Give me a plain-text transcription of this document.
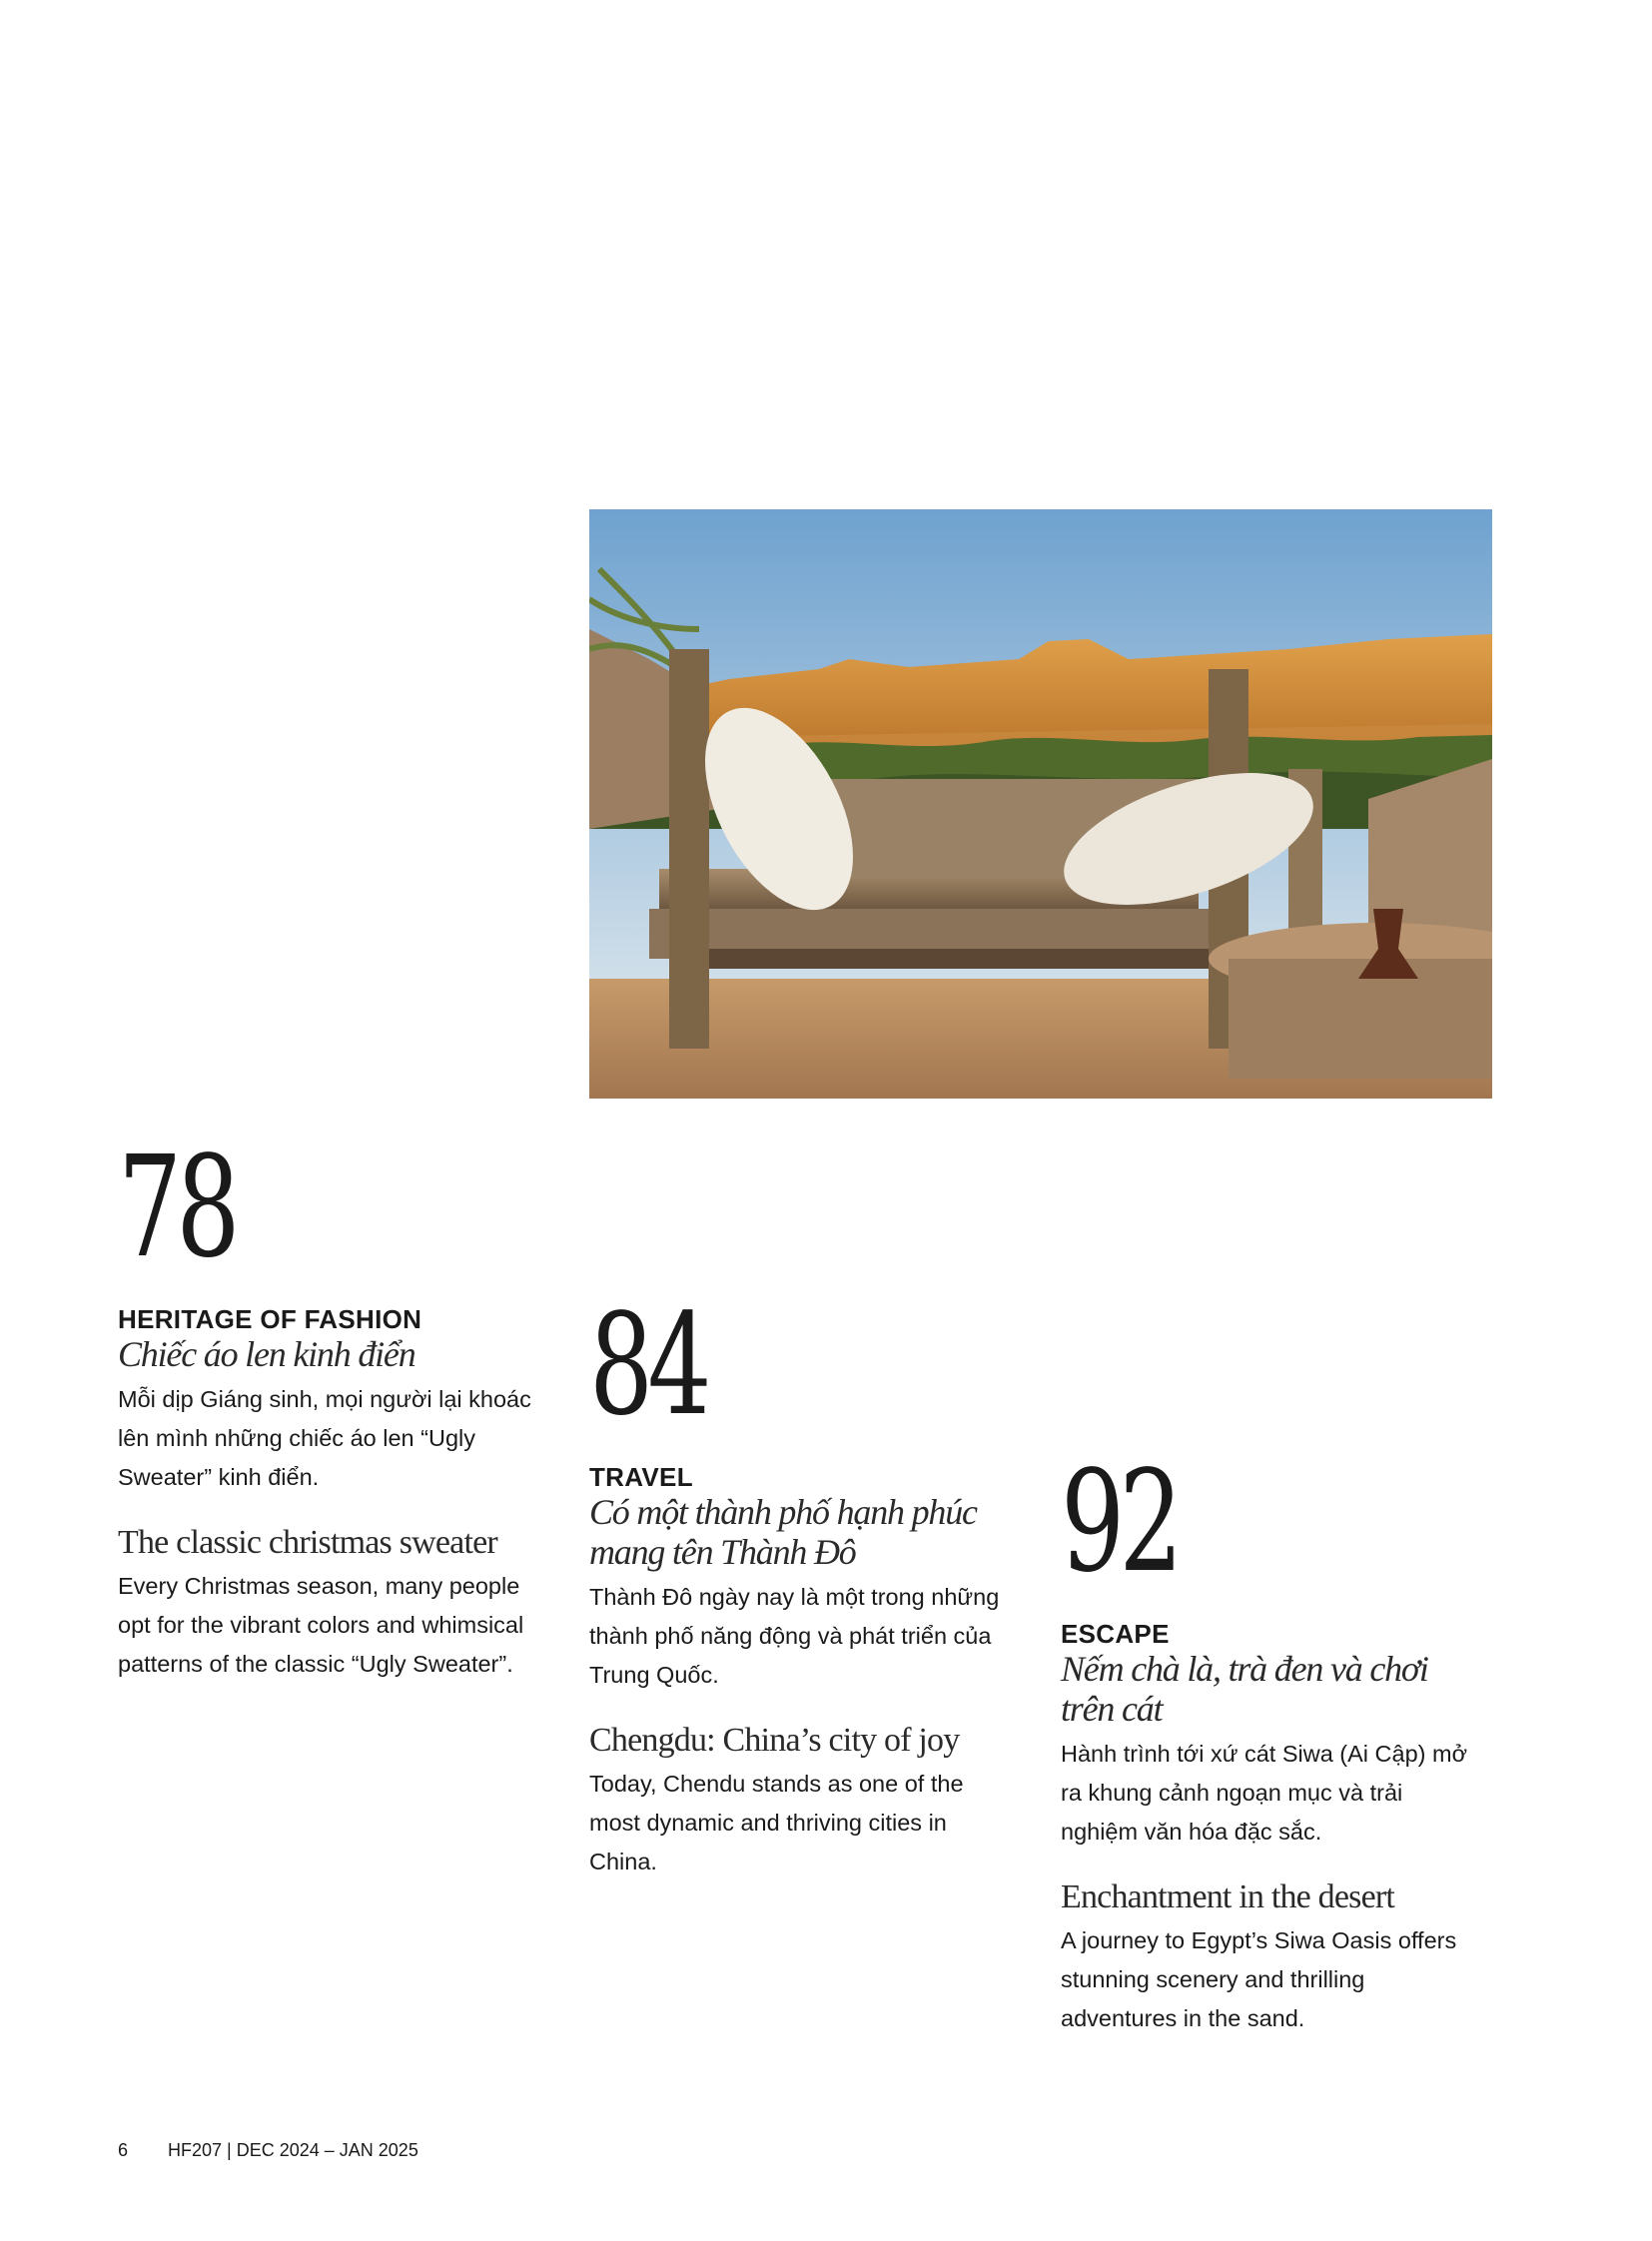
78

HERITAGE OF FASHION

Chiếc áo len kinh điển

Mỗi dịp Giáng sinh, mọi người lại khoác lên mình những chiếc áo len “Ugly Sweater” kinh điển.

The classic christmas sweater

Every Christmas season, many people opt for the vibrant colors and whimsical patterns of the classic “Ugly Sweater”.

84

TRAVEL

Có một thành phố hạnh phúc mang tên Thành Đô

Thành Đô ngày nay là một trong những thành phố năng động và phát triển của Trung Quốc.

Chengdu: China’s city of joy

Today, Chendu stands as one of the most dynamic and thriving cities in China.

92

ESCAPE

Nếm chà là, trà đen và chơi trên cát

Hành trình tới xứ cát Siwa (Ai Cập) mở ra khung cảnh ngoạn mục và trải nghiệm văn hóa đặc sắc.

Enchantment in the desert

A journey to Egypt’s Siwa Oasis offers stunning scenery and thrilling adventures in the sand.

6 HF207 | DEC 2024 – JAN 2025
